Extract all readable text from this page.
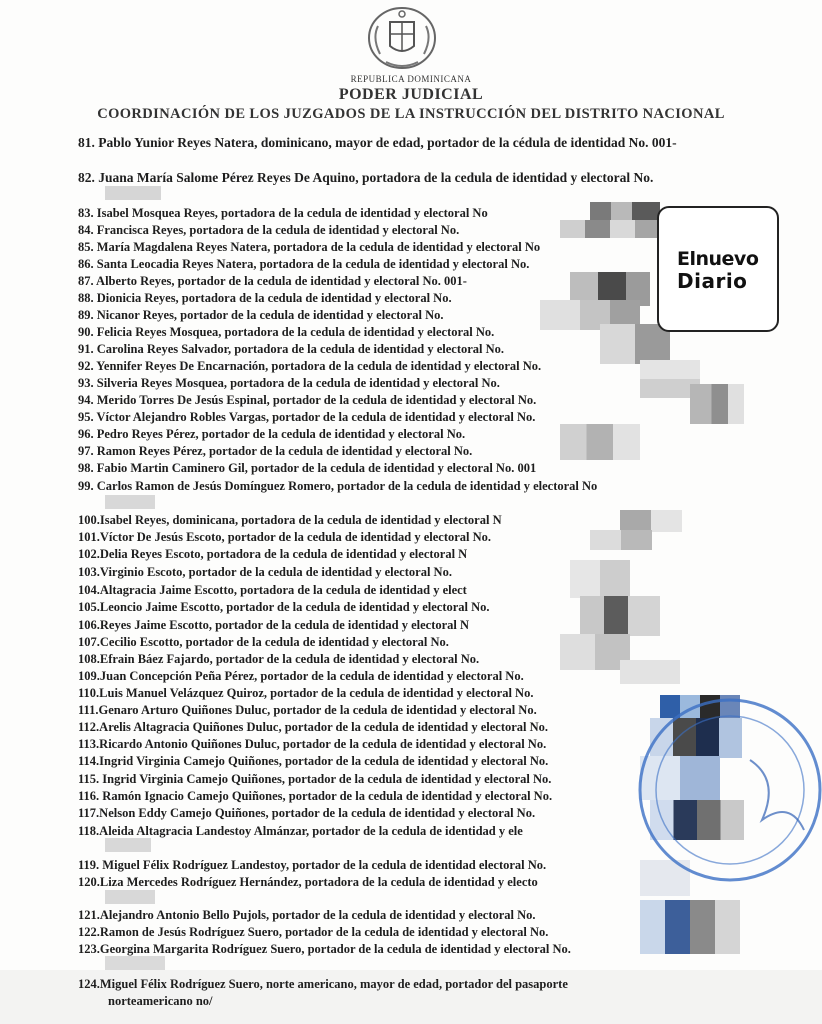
REPUBLICA DOMINICANA
PODER JUDICIAL
COORDINACIÓN DE LOS JUZGADOS DE LA INSTRUCCIÓN DEL DISTRITO NACIONAL
81. Pablo Yunior Reyes Natera, dominicano, mayor de edad, portador de la cédula de identidad No. 001-
82. Juana María Salome Pérez Reyes De Aquino, portadora de la cedula de identidad y electoral No.
83. Isabel Mosquea Reyes, portadora de la cedula de identidad y electoral No
84. Francisca Reyes, portadora de la cedula de identidad y electoral No.
85. María Magdalena Reyes Natera, portadora de la cedula de identidad y electoral No
86. Santa Leocadia Reyes Natera, portadora de la cedula de identidad y electoral No.
87. Alberto Reyes, portador de la cedula de identidad y electoral No. 001-
88. Dionicia Reyes, portadora de la cedula de identidad y electoral No.
89. Nicanor Reyes, portador de la cedula de identidad y electoral No.
90. Felicia Reyes Mosquea, portadora de la cedula de identidad y electoral No.
91. Carolina Reyes Salvador, portadora de la cedula de identidad y electoral No.
92. Yennifer Reyes De Encarnación, portadora de la cedula de identidad y electoral No.
93. Silveria Reyes Mosquea, portadora de la cedula de identidad y electoral No.
94. Merido Torres De Jesús Espinal, portador de la cedula de identidad y electoral No.
95. Víctor Alejandro Robles Vargas, portador de la cedula de identidad y electoral No.
96. Pedro Reyes Pérez, portador de la cedula de identidad y electoral No.
97. Ramon Reyes Pérez, portador de la cedula de identidad y electoral No.
98. Fabio Martin Caminero Gil, portador de la cedula de identidad y electoral No. 001
99. Carlos Ramon de Jesús Domínguez Romero, portador de la cedula de identidad y electoral No
100.Isabel Reyes, dominicana, portadora de la cedula de identidad y electoral N
101.Víctor De Jesús Escoto, portador de la cedula de identidad y electoral No.
102.Delia Reyes Escoto, portadora de la cedula de identidad y electoral N
103.Virginio Escoto, portador de la cedula de identidad y electoral No.
104.Altagracia Jaime Escotto, portadora de la cedula de identidad y elect
105.Leoncio Jaime Escotto, portador de la cedula de identidad y electoral No.
106.Reyes Jaime Escotto, portador de la cedula de identidad y electoral N
107.Cecilio Escotto, portador de la cedula de identidad y electoral No.
108.Efrain Báez Fajardo, portador de la cedula de identidad y electoral No.
109.Juan Concepción Peña Pérez, portador de la cedula de identidad y electoral No.
110.Luis Manuel Velázquez Quiroz, portador de la cedula de identidad y electoral No.
111.Genaro Arturo Quiñones Duluc, portador de la cedula de identidad y electoral No.
112.Arelis Altagracia Quiñones Duluc, portador de la cedula de identidad y electoral No.
113.Ricardo Antonio Quiñones Duluc, portador de la cedula de identidad y electoral No.
114.Ingrid Virginia Camejo Quiñones, portador de la cedula de identidad y electoral No.
115. Ingrid Virginia Camejo Quiñones, portador de la cedula de identidad y electoral No.
116. Ramón Ignacio Camejo Quiñones, portador de la cedula de identidad y electoral No.
117.Nelson Eddy Camejo Quiñones, portador de la cedula de identidad y electoral No.
118.Aleida Altagracia Landestoy Almánzar, portador de la cedula de identidad y ele
119. Miguel Félix Rodríguez Landestoy, portador de la cedula de identidad electoral No.
120.Liza Mercedes Rodríguez Hernández, portadora de la cedula de identidad y electo
121.Alejandro Antonio Bello Pujols, portador de la cedula de identidad y electoral No.
122.Ramon de Jesús Rodríguez Suero, portador de la cedula de identidad y electoral No.
123.Georgina Margarita Rodríguez Suero, portador de la cedula de identidad y electoral No.
124.Miguel Félix Rodríguez Suero, norte americano, mayor de edad, portador del pasaporte
norteamericano no/
Elnuevo
Diario
